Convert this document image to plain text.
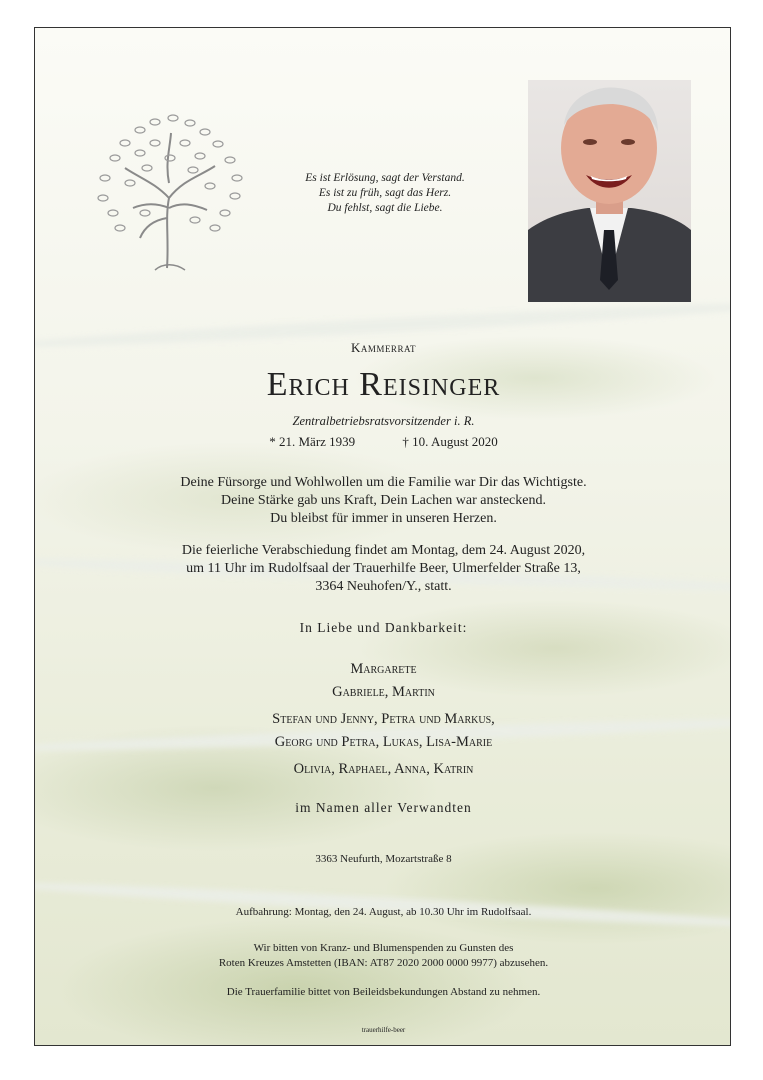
Es ist Erlösung, sagt der Verstand.
Es ist zu früh, sagt das Herz.
Du fehlst, sagt die Liebe.
Kammerrat
Erich Reisinger
Zentralbetriebsratsvorsitzender i. R.
* 21. März 1939	† 10. August 2020
Deine Fürsorge und Wohlwollen um die Familie war Dir das Wichtigste.
Deine Stärke gab uns Kraft, Dein Lachen war ansteckend.
Du bleibst für immer in unseren Herzen.
Die feierliche Verabschiedung findet am Montag, dem 24. August 2020,
um 11 Uhr im Rudolfsaal der Trauerhilfe Beer, Ulmerfelder Straße 13,
3364 Neuhofen/Y., statt.
In Liebe und Dankbarkeit:
Margarete
Gabriele, Martin
Stefan und Jenny, Petra und Markus,
Georg und Petra, Lukas, Lisa-Marie
Olivia, Raphael, Anna, Katrin
im Namen aller Verwandten
3363 Neufurth, Mozartstraße 8
Aufbahrung: Montag, den 24. August, ab 10.30 Uhr im Rudolfsaal.
Wir bitten von Kranz- und Blumenspenden zu Gunsten des
Roten Kreuzes Amstetten (IBAN: AT87 2020 2000 0000 9977) abzusehen.
Die Trauerfamilie bittet von Beileidsbekundungen Abstand zu nehmen.
trauerhilfe-beer
